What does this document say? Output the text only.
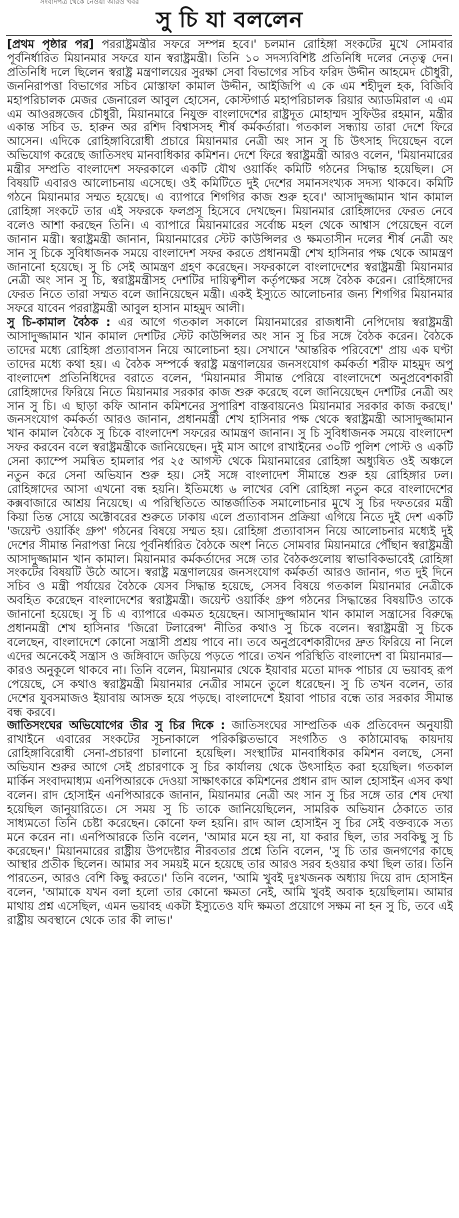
সংবাদপত্র থেকে নেওয়া আরও খবর
সু চি যা বললেন

[প্রথম পৃষ্ঠার পর] পররাষ্ট্রমন্ত্রীর সফরে সম্পন্ন হবে।' চলমান রোহিঙ্গা সংকটের মুখে সোমবার পূর্বনির্ধারিত মিয়ানমার সফরে যান স্বরাষ্ট্রমন্ত্রী। তিনি ১০ সদস্যবিশিষ্ট প্রতিনিধি দলের নেতৃত্ব দেন। প্রতিনিধি দলে ছিলেন স্বরাষ্ট্র মন্ত্রণালয়ের সুরক্ষা সেবা বিভাগের সচিব ফরিদ উদ্দীন আহমেদ চৌধুরী, জননিরাপত্তা বিভাগের সচিব মোস্তাফা কামাল উদ্দীন, আইজিপি এ কে এম শহীদুল হক, বিজিবি মহাপরিচালক মেজর জেনারেল আবুল হোসেন, কোস্টগার্ড মহাপরিচালক রিয়ার অ্যাডমিরাল এ এম এম আওরঙ্গজেব চৌধুরী, মিয়ানমারে নিযুক্ত বাংলাদেশের রাষ্ট্রদূত মোহাম্মদ সুফিউর রহমান, মন্ত্রীর একান্ত সচিব ড. হারুন অর রশিদ বিশ্বাসসহ শীর্ষ কর্মকর্তারা। গতকাল সন্ধ্যায় তারা দেশে ফিরে আসেন। এদিকে রোহিঙ্গাবিরোধী প্রচারে মিয়ানমার নেত্রী অং সান সু চি উৎসাহ দিয়েছেন বলে অভিযোগ করেছে জাতিসংঘ মানবাধিকার কমিশন। দেশে ফিরে স্বরাষ্ট্রমন্ত্রী আরও বলেন, 'মিয়ানমারের মন্ত্রীর সম্প্রতি বাংলাদেশ সফরকালে একটি যৌথ ওয়ার্কিং কমিটি গঠনের সিদ্ধান্ত হয়েছিল। সে বিষয়টি এবারও আলোচনায় এসেছে। ওই কমিটিতে দুই দেশের সমানসংখ্যক সদস্য থাকবে। কমিটি গঠনে মিয়ানমার সম্মত হয়েছে। এ ব্যাপারে শিগগির কাজ শুরু হবে।' আসাদুজ্জামান খান কামাল রোহিঙ্গা সংকটে তার এই সফরকে ফলপ্রসূ হিসেবে দেখছেন। মিয়ানমার রোহিঙ্গাদের ফেরত নেবে বলেও আশা করছেন তিনি। এ ব্যাপারে মিয়ানমারের সর্বোচ্চ মহল থেকে আশ্বাস পেয়েছেন বলে জানান মন্ত্রী। স্বরাষ্ট্রমন্ত্রী জানান, মিয়ানমারের স্টেট কাউন্সিলর ও ক্ষমতাসীন দলের শীর্ষ নেত্রী অং সান সু চিকে সুবিধাজনক সময়ে বাংলাদেশ সফর করতে প্রধানমন্ত্রী শেখ হাসিনার পক্ষ থেকে আমন্ত্রণ জানানো হয়েছে। সু চি সেই আমন্ত্রণ গ্রহণ করেছেন। সফরকালে বাংলাদেশের স্বরাষ্ট্রমন্ত্রী মিয়ানমার নেত্রী অং সান সু চি, স্বরাষ্ট্রমন্ত্রীসহ দেশটির দায়িত্বশীল কর্তৃপক্ষের সঙ্গে বৈঠক করেন। রোহিঙ্গাদের ফেরত নিতে তারা সম্মত বলে জানিয়েছেন মন্ত্রী। একই ইস্যুতে আলোচনার জন্য শিগগির মিয়ানমার সফরে যাবেন পররাষ্ট্রমন্ত্রী আবুল হাসান মাহমুদ আলী।

সু চি-কামাল বৈঠক : এর আগে গতকাল সকালে মিয়ানমারের রাজধানী নেপিদোয় স্বরাষ্ট্রমন্ত্রী আসাদুজ্জামান খান কামাল দেশটির স্টেট কাউন্সিলর অং সান সু চির সঙ্গে বৈঠক করেন। বৈঠকে তাদের মধ্যে রোহিঙ্গা প্রত্যাবাসন নিয়ে আলোচনা হয়। সেখানে 'আন্তরিক পরিবেশে' প্রায় এক ঘণ্টা তাদের মধ্যে কথা হয়। এ বৈঠক সম্পর্কে স্বরাষ্ট্র মন্ত্রণালয়ের জনসংযোগ কর্মকর্তা শরীফ মাহমুদ অপু বাংলাদেশ প্রতিনিধিদের বরাতে বলেন, 'মিয়ানমার সীমান্ত পেরিয়ে বাংলাদেশে অনুপ্রবেশকারী রোহিঙ্গাদের ফিরিয়ে নিতে মিয়ানমার সরকার কাজ শুরু করেছে বলে জানিয়েছেন দেশটির নেত্রী অং সান সু চি। এ ছাড়া কফি আনান কমিশনের সুপারিশ বাস্তবায়নেও মিয়ানমার সরকার কাজ করছে।' জনসংযোগ কর্মকর্তা আরও জানান, প্রধানমন্ত্রী শেখ হাসিনার পক্ষ থেকে স্বরাষ্ট্রমন্ত্রী আসাদুজ্জামান খান কামাল বৈঠকে সু চিকে বাংলাদেশ সফরের আমন্ত্রণ জানান। সু চি সুবিধাজনক সময়ে বাংলাদেশ সফর করবেন বলে স্বরাষ্ট্রমন্ত্রীকে জানিয়েছেন। দুই মাস আগে রাখাইনের ৩০টি পুলিশ পোস্ট ও একটি সেনা ক্যাম্পে সমন্বিত হামলার পর ২৫ আগস্ট থেকে মিয়ানমারের রোহিঙ্গা অধ্যুষিত ওই অঞ্চলে নতুন করে সেনা অভিযান শুরু হয়। সেই সঙ্গে বাংলাদেশ সীমান্তে শুরু হয় রোহিঙ্গার ঢল। রোহিঙ্গাদের আসা এখনো বন্ধ হয়নি। ইতিমধ্যে ৬ লাখের বেশি রোহিঙ্গা নতুন করে বাংলাদেশের কক্সবাজারে আশ্রয় নিয়েছে। এ পরিস্থিতিতে আন্তর্জাতিক সমালোচনার মুখে সু চির দফতরের মন্ত্রী কিয়া তিন্ত সোয়ে অক্টোবরের শুরুতে ঢাকায় এলে প্রত্যাবাসন প্রক্রিয়া এগিয়ে নিতে দুই দেশ একটি 'জয়েন্ট ওয়ার্কিং গ্রুপ' গঠনের বিষয়ে সম্মত হয়। রোহিঙ্গা প্রত্যাবাসন নিয়ে আলোচনার মধ্যেই দুই দেশের সীমান্ত নিরাপত্তা নিয়ে পূর্বনির্ধারিত বৈঠকে অংশ নিতে সোমবার মিয়ানমারে পৌঁছান স্বরাষ্ট্রমন্ত্রী আসাদুজ্জামান খান কামাল। মিয়ানমার কর্মকর্তাদের সঙ্গে তার বৈঠকগুলোয় স্বাভাবিকভাবেই রোহিঙ্গা সংকটের বিষয়টি উঠে আসে। স্বরাষ্ট্র মন্ত্রণালয়ের জনসংযোগ কর্মকর্তা আরও জানান, গত দুই দিনে সচিব ও মন্ত্রী পর্যায়ের বৈঠকে যেসব সিদ্ধান্ত হয়েছে, সেসব বিষয়ে গতকাল মিয়ানমার নেত্রীকে অবহিত করেছেন বাংলাদেশের স্বরাষ্ট্রমন্ত্রী। জয়েন্ট ওয়ার্কিং গ্রুপ গঠনের সিদ্ধান্তের বিষয়টিও তাকে জানানো হয়েছে। সু চি এ ব্যাপারে একমত হয়েছেন। আসাদুজ্জামান খান কামাল সন্ত্রাসের বিরুদ্ধে প্রধানমন্ত্রী শেখ হাসিনার 'জিরো টলারেন্স' নীতির কথাও সু চিকে বলেন। স্বরাষ্ট্রমন্ত্রী সু চিকে বলেছেন, বাংলাদেশে কোনো সন্ত্রাসী প্রশ্রয় পাবে না। তবে অনুপ্রবেশকারীদের দ্রুত ফিরিয়ে না নিলে এদের অনেকেই সন্ত্রাস ও জঙ্গিবাদে জড়িয়ে পড়তে পারে। তখন পরিস্থিতি বাংলাদেশ বা মিয়ানমার— কারও অনুকূলে থাকবে না। তিনি বলেন, মিয়ানমার থেকে ইয়াবার মতো মাদক পাচার যে ভয়াবহ রূপ পেয়েছে, সে কথাও স্বরাষ্ট্রমন্ত্রী মিয়ানমার নেত্রীর সামনে তুলে ধরেছেন। সু চি তখন বলেন, তার দেশের যুবসমাজও ইয়াবায় আসক্ত হয়ে পড়ছে। বাংলাদেশে ইয়াবা পাচার বন্ধে তার সরকার সীমান্ত বন্ধ করবে।

জাতিসংঘের অভিযোগের তীর সু চির দিকে : জাতিসংঘের সাম্প্রতিক এক প্রতিবেদন অনুযায়ী রাখাইনে এবারের সংকটের সূচনাকালে পরিকল্পিতভাবে সংগঠিত ও কাঠামোবদ্ধ কায়দায় রোহিঙ্গাবিরোধী সেনা-প্রচারণা চালানো হয়েছিল। সংস্থাটির মানবাধিকার কমিশন বলছে, সেনা অভিযান শুরুর আগে সেই প্রচারণাকে সু চির কার্যালয় থেকে উৎসাহিত করা হয়েছিল। গতকাল মার্কিন সংবাদমাধ্যম এনপিআরকে দেওয়া সাক্ষাৎকারে কমিশনের প্রধান রাদ আল হোসাইন এসব কথা বলেন। রাদ হোসাইন এনপিআরকে জানান, মিয়ানমার নেত্রী অং সান সু চির সঙ্গে তার শেষ দেখা হয়েছিল জানুয়ারিতে। সে সময় সু চি তাকে জানিয়েছিলেন, সামরিক অভিযান ঠেকাতে তার সাধ্যমতো তিনি চেষ্টা করেছেন। কোনো ফল হয়নি। রাদ আল হোসাইন সু চির সেই বক্তব্যকে সত্য মনে করেন না। এনপিআরকে তিনি বলেন, 'আমার মনে হয় না, যা করার ছিল, তার সবকিছু সু চি করেছেন।' মিয়ানমারের রাষ্ট্রীয় উপদেষ্টার নীরবতার প্রশ্নে তিনি বলেন, 'সু চি তার জনগণের কাছে আস্থার প্রতীক ছিলেন। আমার সব সময়ই মনে হয়েছে তার আরও সরব হওয়ার কথা ছিল তার। তিনি পারতেন, আরও বেশি কিছু করতে।' তিনি বলেন, 'আমি খুবই দুঃখজনক অধ্যায় দিয়ে রাদ হোসাইন বলেন, 'আমাকে যখন বলা হলো তার কোনো ক্ষমতা নেই, আমি খুবই অবাক হয়েছিলাম। আমার মাথায় প্রশ্ন এসেছিল, এমন ভয়াবহ একটা ইস্যুতেও যদি ক্ষমতা প্রয়োগে সক্ষম না হন সু চি, তবে এই রাষ্ট্রীয় অবস্থানে থেকে তার কী লাভ।'
